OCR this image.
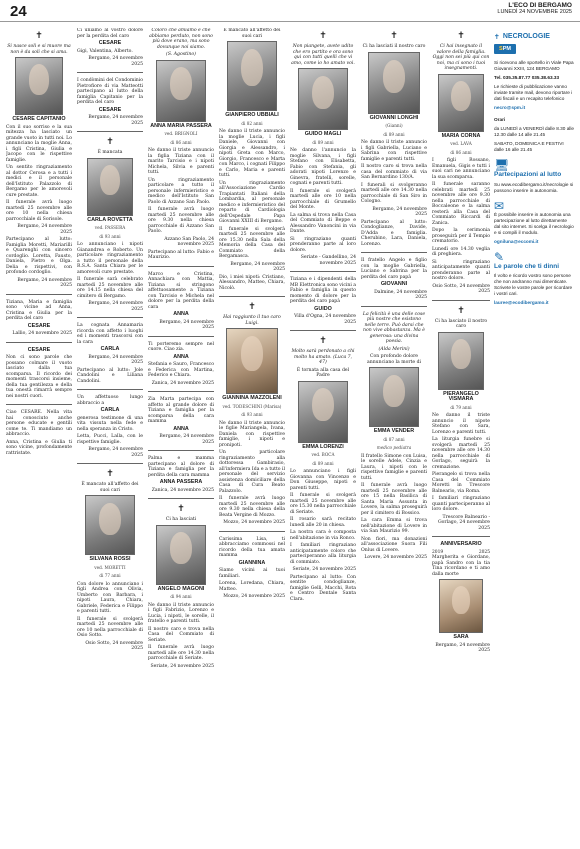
24	L'ECO DI BERGAMO
LUNEDÌ 24 NOVEMBRE 2025
✝

Si nasce soli e si muore ma non è da soli che si ama.

CESARE CAPITANIO

Con il suo sorriso e la sua mitezza ha lasciato un grande vuoto in tutti noi. Lo annunciano la moglie Anna, i figli Cristina, Giulia e Jacopo con le rispettive famiglie.

Un sentito ringraziamento al dottor Cerosa e a tutti i medici e il personale dell'Istituto Palazzolo di Bergamo per le amorevoli cure prestate.

Il funerale avrà luogo martedì 25 novembre alle ore 10 nella chiesa parrocchiale di Sorisole.

Bergamo, 24 novembre 2025

Partecipano al lutto: Famiglia Moretti, Mariarilli e Quarenghi con sincero cordoglio. Loretta, Fausto, Daniela, Pietro e Olga. Delia e rispettivi, con profondo cordoglio.

Bergamo, 24 novembre 2025

Tiziana, Maria e famiglia sono vicine ad Anna, Cristina e Giulia per la perdita del caro

CESARE

Lallio, 24 novembre 2025

CESARE

Non ci sono parole che possano colmare il vuoto lasciato dalla tua scomparsa. Il ricordo dei momenti trascorsi insieme, della tua gentilezza e della tua onestà rimarrà sempre nei nostri cuori.

Ciao CESARE. Nella vita hai conosciuto anche persone educate e gentili come te. Ti mandiamo un abbraccio.

Anna, Cristina e Giulia ti sono vicine, profondamente rattristate.

Ci uniamo al vostro dolore per la perdita del caro

CESARE

Gigi, Valentina, Alberto.

Bergamo, 24 novembre 2025

I condòmini del Condominio Pietrofiore di via Matteotti partecipano al lutto della famiglia Capitanio per la perdita del caro

CESARE

Bergamo, 24 novembre 2025

✝

È mancata

CARLA ROVETTA
ved. PASSERA
di 93 anni

Lo annunciano i nipoti Gianandrea e Roberto. Un particolare ringraziamento a tutto il personale della R.S.A. Santa Chiara per le amorevoli cure prestate.

Il funerale sarà celebrato martedì 25 novembre alle ore 14.15 nella chiesa del cimitero di Bergamo.

Bergamo, 24 novembre 2025

La cognata Annamaria ricorda con affetto i luoghi ed i momenti trascorsi con la cara

CARLA

Bergamo, 24 novembre 2025

Partecipano al lutto: Jole Candolini e Liliana Candolini.

Un affettuoso lungo abbraccio a

CARLA

generosa testimone di una vita vissuta nella fede e nella speranza in Cristo.

Letta, Pucci, Lalla, con le rispettive famiglie.

Bergamo, 24 novembre 2025

✝

È mancato all'affetto dei suoi cari

SILVANA ROSSI
ved. MORETTI
di 77 anni

Con dolore lo annunciano i figli Andrea con Olivia, Umberto con Barbara, i nipoti Laura, Chiara, Gabriele, Federica e Filippo e parenti tutti.

Il funerale si svolgerà martedì 25 novembre alle ore 10 nella parrocchiale di Osio Sotto.

Osio Sotto, 24 novembre 2025

Coloro che amiamo e che abbiamo perduto, non sono più dove erano, ma sono dovunque noi siamo.

(S. Agostino)

ANNA MARIA PASSERA
ved. BRIGNOLI
di 86 anni

Ne danno il triste annuncio la figlia Tiziana con il marito Tarcisio e i nipoti Michela, Silvia e parenti tutti.

Un ringraziamento particolare a tutto il personale infermieristico e medico dell'Istituto San Paolo di Azzano San Paolo.

Il funerale avrà luogo martedì 25 novembre alle ore 9.30 nella chiesa parrocchiale di Azzano San Paolo.

Azzano San Paolo, 24 novembre 2025

Partecipano al lutto: Fabio e Maurizio.

Marco e Cristina, Annachiara con Mattia, Tiziana si stringono affettuosamente a Tiziana con Tarcisio e Michela nel dolore per la perdita della cara

ANNA

Bergamo, 24 novembre 2025

Ti porteremo sempre nel cuore. Ciao zia.

ANNA

Stefania e Sauro, Francesco e Federica con Martina, Federico e Chiara.

Zanica, 24 novembre 2025

Zia Marta partecipa con affetto al grande dolore di Tiziana e famiglia per la scomparsa della cara mamma

ANNA

Bergamo, 24 novembre 2025

Palma e mamma partecipano al dolore di Tiziana e famiglia per la perdita della cara mamma

ANNA PASSERA

Zanica, 24 novembre 2025

✝

Ci ha lasciati

ANGELO MAGONI
di 94 anni

Ne danno il triste annuncio i figli Fabrizio, Lorenzo e Lucia, i nipoti, le sorelle, il fratello e parenti tutti.

Il nostro caro e trova nella Casa del Commiato di Seriate.

Il funerale avrà luogo martedì alle ore 14.30 nella parrocchiale di Seriate.

Seriate, 24 novembre 2025

È mancato all'affetto dei suoi cari

GIANPIERO UBBIALI
di 82 anni

Ne danno il triste annuncio la moglie Lucia, i figli Daniele, Giovanni con Giorgia e Alessandro, i nipoti Greta con Marco, Giorgio, Francesco e Marta con Marco, i cognati Filippo e Carlo, Maria e parenti tutti.

Un ringraziamento all'Associazione Cardio Trapiantati Italiani della Lombardia, al personale medico e infermieristico del reparto di Cardiologia dell'Ospedale Papa Giovanni XXIII di Bergamo.

Il funerale si svolgerà martedì 25 novembre alle ore 15.30 nella Sala della Memoria della Casa del Commiato della Bergamasca.

Bergamo, 24 novembre 2025

Dio, i miei nipoti: Cristiano, Alessandro, Matteo, Chiara, Nicolò.

✝

Hai raggiunto il tuo caro Luigi.

GIANNINA MAZZOLENI
ved. TODESCHINI (Marisa)
di 93 anni

Ne danno il triste annuncio le figlie Mariangela, Ivana, Daniela con rispettive famiglie, i nipoti e pronipoti.

Un particolare ringraziamento alla dottoressa Gambirasio, all'infermiera Ida e a tutto il personale del servizio assistenza domiciliare della Casa di Cura Beato Palazzolo.

Il funerale avrà luogo martedì 25 novembre alle ore 9.30 nella chiesa della Beata Vergine di Mozzo.

Mozzo, 24 novembre 2025

Carissima Lisa, ti abbracciamo commossi nel ricordo della tua amata mamma

GIANNINA

Siamo vicini ai tuoi familiari.

Lorena, Loredana, Chiara, Matteo.

Mozzo, 24 novembre 2025

✝

Non piangete, avete udito che ero partito e ora sono qui con tutti quelli che vi amo, come io ho amato voi.

GUIDO MAGLI
di 89 anni

Ne danno l'annuncio la moglie Silvana, i figli Stefano con Elisabetta, Fabio con Stefania, gli adorati nipoti Lorenzo e Ginevra, fratelli, sorelle, cognati e parenti tutti.

Il funerale si svolgerà martedì alle ore 10 nella parrocchiale di Grumello del Monte.

La salma si trova nella Casa del Commiato di Beppe e Alessandro Vanoncini in via Dante.

Si ringraziano quanti prenderanno parte al loro dolore.

Seriate - Gandellino, 24 novembre 2025

Tiziana e i dipendenti della MB Elettronica sono vicini a Fabio e famiglia in questo momento di dolore per la perdita del caro papà

GUIDO

Villa d'Ogna, 24 novembre 2025

✝

Molto sarà perdonato a chi molto ha amato. (Luca 7, 47)

È tornata alla casa del Padre

EMMA LORENZI
ved. BOCA
di 89 anni

Lo annunciano i figli Giovanna con Vincenzo e Don Giuseppe, nipoti e parenti tutti.

Il funerale si svolgerà martedì 25 novembre alle ore 15.30 nella parrocchiale di Seriate.

Il rosario sarà recitato lunedì alle 20 in chiesa.

La nostra cara è composta nell'abitazione in via Ronco.

I familiari ringraziano anticipatamente coloro che parteciperanno alla liturgia di commiato.

Seriate, 24 novembre 2025

Partecipano al lutto: Con sentite condoglianze, famiglie Gelli, Macchi, Rota e Centro Dentale Santa Clara.

✝

Ci ha lasciati il nostro caro

GIOVANNI LONGHI
(Gianni)
di 89 anni

Ne danno il triste annuncio i figli Gabriella, Luciano e Sabrina con rispettive famiglie e parenti tutti.

Il nostro caro si trova nella casa del commiato di via San Bernardino 130/A.

I funerali si svolgeranno martedì alle ore 14.30 nella parrocchiale di San Siro in Cologno.

Bergamo, 24 novembre 2025

Partecipano al lutto: Condoglianze, Davide, D'Adda e famiglia. Cherubino, Lara, Daniela, Lorenzo.

Il fratello Angelo e figlio con la moglie Gabriella, Luciano e Sabrina per la perdita del caro papà

GIOVANNI

Dalmine, 24 novembre 2025

La felicità è una delle cose più nostre che esistono nelle terre. Può darsi che non vive abbastanza. Ma è generosa: una divina poesia.

(Alda Merini)

Con profondo dolore annunciano la morte di

EMMA VENDER
di 87 anni
medico pediatra

Il fratello Simone con Luisa, le sorelle Adele, Cinzia e Laura, i nipoti con le rispettive famiglie e parenti tutti.

Il funerale avrà luogo martedì 25 novembre alle ore 15 nella Basilica di Santa Maria Assunta in Lovere, la salma proseguirà per il cimitero di Bossico.

La cara Emma si trova nell'abitazione di Lovere in via San Maurizio 99.

Non fiori, ma donazioni all'associazione Suora Fili Onlus di Lovere.

Lovere, 24 novembre 2025

✝

Ci hai insegnato il valore della famiglia. Oggi non sei più qui con noi, ma ci sono i tuoi insegnamenti.

MARIA CORNA
ved. LAVA
di 86 anni

I figli Rossano, Emanuela, Gigis e tutti i suoi cari ne annunciano la sua scomparsa.

Il funerale saranno celebrati martedì 25 novembre alle ore 9.30 nella parrocchiale di Boccaleone e la salma resterà alla Casa del Commiato Riccardi di Zanica.

Dopo la cerimonia proseguirà per il Tempio crematorio.

Lunedì ore 14.30 veglia di preghiera.

Si ringraziano anticipatamente quanti prenderanno parte al nostro dolore.

Osio Sotto, 24 novembre 2025

✝

Ci ha lasciato il nostro caro

PIERANGELO VISMARA
di 79 anni

Ne danno il triste annuncio il nipote Stefano con Sara, Lorenzo e parenti tutti.

La liturgia funebre si svolgerà martedì 25 novembre alle ore 14.30 nella parrocchiale di Gorlago, seguirà la cremazione.

Pierangelo si trova nella Casa del Commiato Moretti in Trescore Balneario, via Roma.

I familiari ringraziano quanti parteciperanno al loro dolore.

Trescore Balneario - Gorlago, 24 novembre 2025

ANNIVERSARIO
2019	2025

Margherita e Giordano, papà Sandro con la tia Tina ricordano e ti amo dalla morte

SARA

Bergamo, 24 novembre 2025

✝ NECROLOGIE
S PM

Si ricevono alle sportello in Viale Papa Giovanni XXIII, 124 BERGAMO

Tel. 035.35.87.77 035.38.63.33

Le richieste di pubblicazione vanno inviate tramite mail, devono riportare i dati fiscali e un recapito telefonico

necro@spm.it

Orari

da LUNEDÌ a VENERDÌ dalle 8.30 alle 12.30 dalle 14 alle 21.45

SABATO, DOMENICA E FESTIVI dalle 16 alle 21.45

🖥

Partecipazioni al lutto

Su www.ecodibergamo.it/necrologie si possono inserire in autonomia.

✉

È possibile inserire in autonomia una partecipazione al lutto direttamente dal sito internet. Si scelga il necrologio e si compili il modulo.

ogniluna@eccomi.it

✎

Le parole che ti dinni

Il volto e ricordo vostro sono persone che non andranno mai dimenticate. Scrivete le vostre parole per ricordare i vostri cari.

lauree@ecodibergamo.it
